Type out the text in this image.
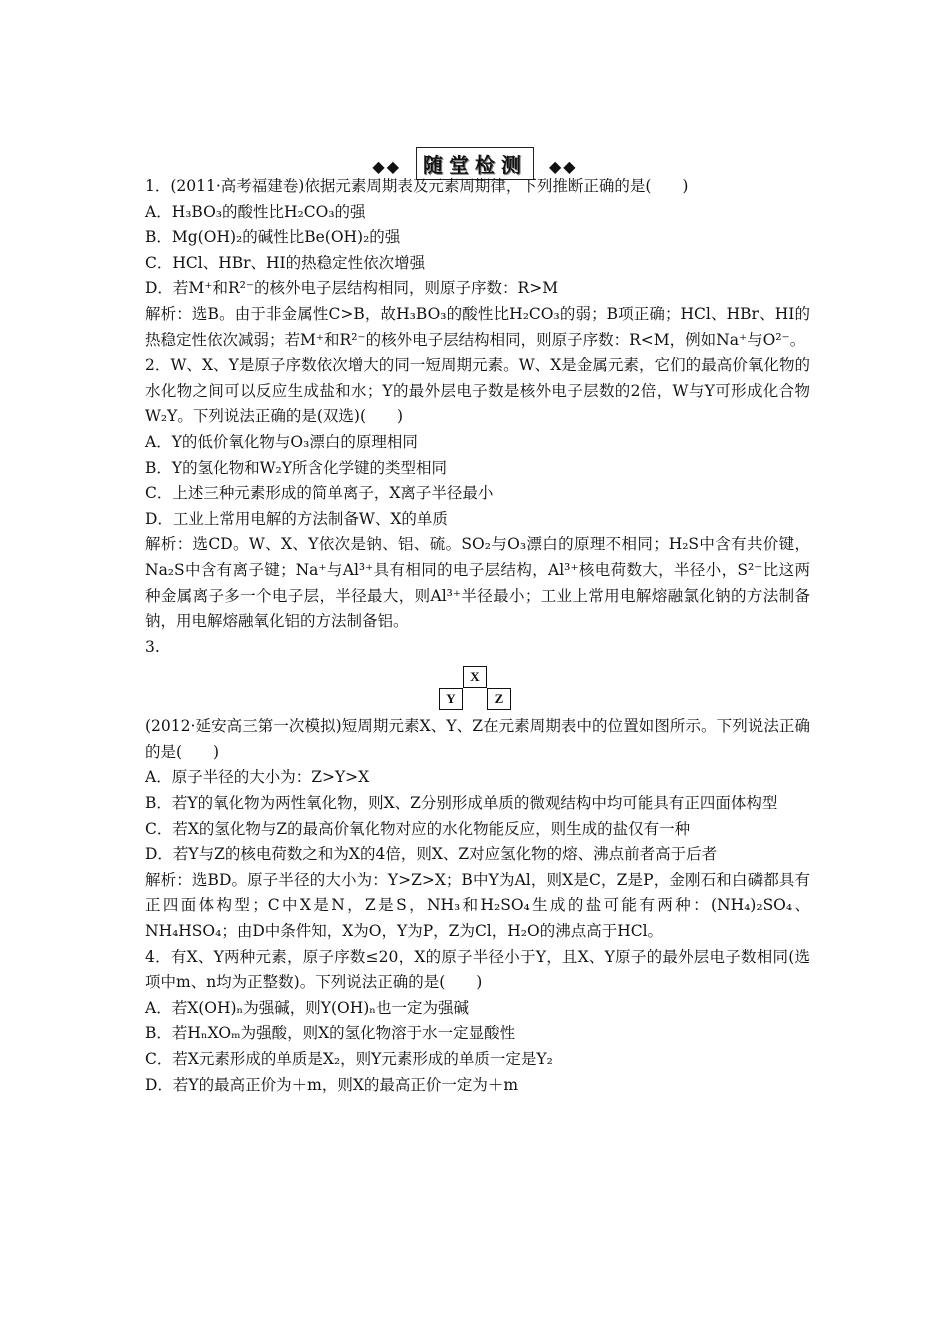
◆◆ 随堂检测 ◆◆
1．(2011·高考福建卷)依据元素周期表及元素周期律，下列推断正确的是(　　)
A．H₃BO₃的酸性比H₂CO₃的强
B．Mg(OH)₂的碱性比Be(OH)₂的强
C．HCl、HBr、HI的热稳定性依次增强
D．若M⁺和R²⁻的核外电子层结构相同，则原子序数：R>M
解析：选B。由于非金属性C>B，故H₃BO₃的酸性比H₂CO₃的弱；B项正确；HCl、HBr、HI的热稳定性依次减弱；若M⁺和R²⁻的核外电子层结构相同，则原子序数：R<M，例如Na⁺与O²⁻。
2．W、X、Y是原子序数依次增大的同一短周期元素。W、X是金属元素，它们的最高价氧化物的水化物之间可以反应生成盐和水；Y的最外层电子数是核外电子层数的2倍，W与Y可形成化合物W₂Y。下列说法正确的是(双选)(　　)
A．Y的低价氧化物与O₃漂白的原理相同
B．Y的氢化物和W₂Y所含化学键的类型相同
C．上述三种元素形成的简单离子，X离子半径最小
D．工业上常用电解的方法制备W、X的单质
解析：选CD。W、X、Y依次是钠、铝、硫。SO₂与O₃漂白的原理不相同；H₂S中含有共价键，Na₂S中含有离子键；Na⁺与Al³⁺具有相同的电子层结构，Al³⁺核电荷数大，半径小，S²⁻比这两种金属离子多一个电子层，半径最大，则Al³⁺半径最小；工业上常用电解熔融氯化钠的方法制备钠，用电解熔融氧化铝的方法制备铝。
3.
X
Y	Z
(2012·延安高三第一次模拟)短周期元素X、Y、Z在元素周期表中的位置如图所示。下列说法正确的是(　　)
A．原子半径的大小为：Z>Y>X
B．若Y的氧化物为两性氧化物，则X、Z分别形成单质的微观结构中均可能具有正四面体构型
C．若X的氢化物与Z的最高价氧化物对应的水化物能反应，则生成的盐仅有一种
D．若Y与Z的核电荷数之和为X的4倍，则X、Z对应氢化物的熔、沸点前者高于后者
解析：选BD。原子半径的大小为：Y>Z>X；B中Y为Al，则X是C，Z是P，金刚石和白磷都具有正四面体构型；C中X是N，Z是S，NH₃和H₂SO₄生成的盐可能有两种：(NH₄)₂SO₄、NH₄HSO₄；由D中条件知，X为O，Y为P，Z为Cl，H₂O的沸点高于HCl。
4．有X、Y两种元素，原子序数≤20，X的原子半径小于Y，且X、Y原子的最外层电子数相同(选项中m、n均为正整数)。下列说法正确的是(　　)
A．若X(OH)ₙ为强碱，则Y(OH)ₙ也一定为强碱
B．若HₙXOₘ为强酸，则X的氢化物溶于水一定显酸性
C．若X元素形成的单质是X₂，则Y元素形成的单质一定是Y₂
D．若Y的最高正价为＋m，则X的最高正价一定为＋m
